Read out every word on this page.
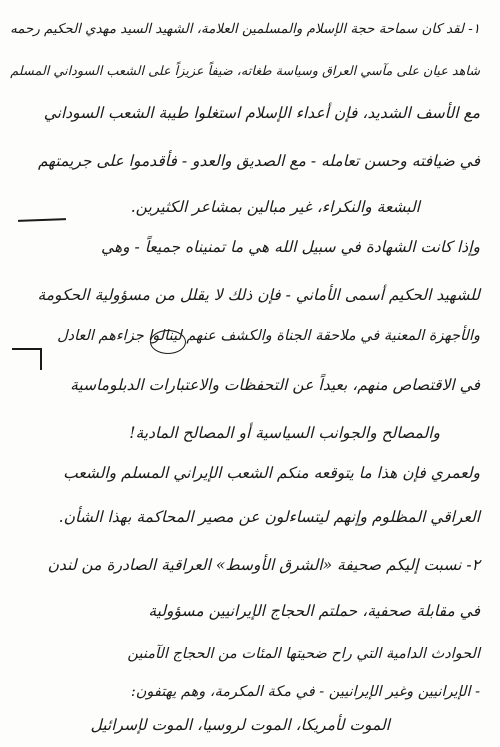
١- لقد كان سماحة حجة الإسلام والمسلمين العلامة، الشهيد السيد مهدي الحكيم رحمه
شاهد عيان على مآسي العراق وسياسة طغاته، ضيفاً عزيزاً على الشعب السوداني المسلم
مع الأسف الشديد، فإن أعداء الإسلام استغلوا طيبة الشعب السوداني
في ضيافته وحسن تعامله - مع الصديق والعدو - فأقدموا على جريمتهم
البشعة والنكراء، غير مبالين بمشاعر الكثيرين.
وإذا كانت الشهادة في سبيل الله هي ما تمنيناه جميعاً - وهي
للشهيد الحكيم أسمى الأماني - فإن ذلك لا يقلل من مسؤولية الحكومة
والأجهزة المعنية في ملاحقة الجناة والكشف عنهم لينالوا جزاءهم العادل
في الاقتصاص منهم، بعيداً عن التحفظات والاعتبارات الدبلوماسية
والمصالح والجوانب السياسية أو المصالح المادية!
ولعمري فإن هذا ما يتوقعه منكم الشعب الإيراني المسلم والشعب
العراقي المظلوم وإنهم ليتساءلون عن مصير المحاكمة بهذا الشأن.
٢- نسبت إليكم صحيفة «الشرق الأوسط» العراقية الصادرة من لندن
في مقابلة صحفية، حملتم الحجاج الإيرانيين مسؤولية
الحوادث الدامية التي راح ضحيتها المئات من الحجاج الآمنين
- الإيرانيين وغير الإيرانيين - في مكة المكرمة، وهم يهتفون:
الموت لأمريكا، الموت لروسيا، الموت لإسرائيل
